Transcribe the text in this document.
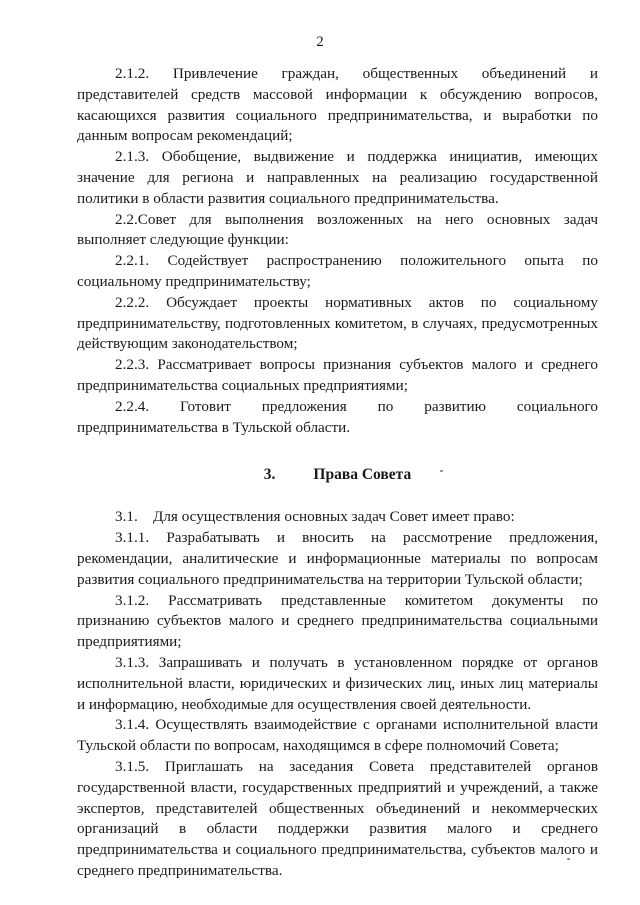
2

2.1.2. Привлечение граждан, общественных объединений и представителей средств массовой информации к обсуждению вопросов, касающихся развития социального предпринимательства, и выработки по данным вопросам рекомендаций;

2.1.3. Обобщение, выдвижение и поддержка инициатив, имеющих значение для региона и направленных на реализацию государственной политики в области развития социального предпринимательства.

2.2.Совет для выполнения возложенных на него основных задач выполняет следующие функции:

2.2.1. Содействует распространению положительного опыта по социальному предпринимательству;

2.2.2. Обсуждает проекты нормативных актов по социальному предпринимательству, подготовленных комитетом, в случаях, предусмотренных действующим законодательством;

2.2.3. Рассматривает вопросы признания субъектов малого и среднего предпринимательства социальных предприятиями;

2.2.4. Готовит предложения по развитию социального предпринимательства в Тульской области.

3. Права Совета

3.1.    Для осуществления основных задач Совет имеет право:

3.1.1. Разрабатывать и вносить на рассмотрение предложения, рекомендации, аналитические и информационные материалы по вопросам развития социального предпринимательства на территории Тульской области;

3.1.2. Рассматривать представленные комитетом документы по признанию субъектов малого и среднего предпринимательства социальными предприятиями;

3.1.3. Запрашивать и получать в установленном порядке от органов исполнительной власти, юридических и физических лиц, иных лиц материалы и информацию, необходимые для осуществления своей деятельности.

3.1.4. Осуществлять взаимодействие с органами исполнительной власти Тульской области по вопросам, находящимся в сфере полномочий Совета;

3.1.5. Приглашать на заседания Совета представителей органов государственной власти, государственных предприятий и учреждений, а также экспертов, представителей общественных объединений и некоммерческих организаций в области поддержки развития малого и среднего предпринимательства и социального предпринимательства, субъектов малого и среднего предпринимательства.
